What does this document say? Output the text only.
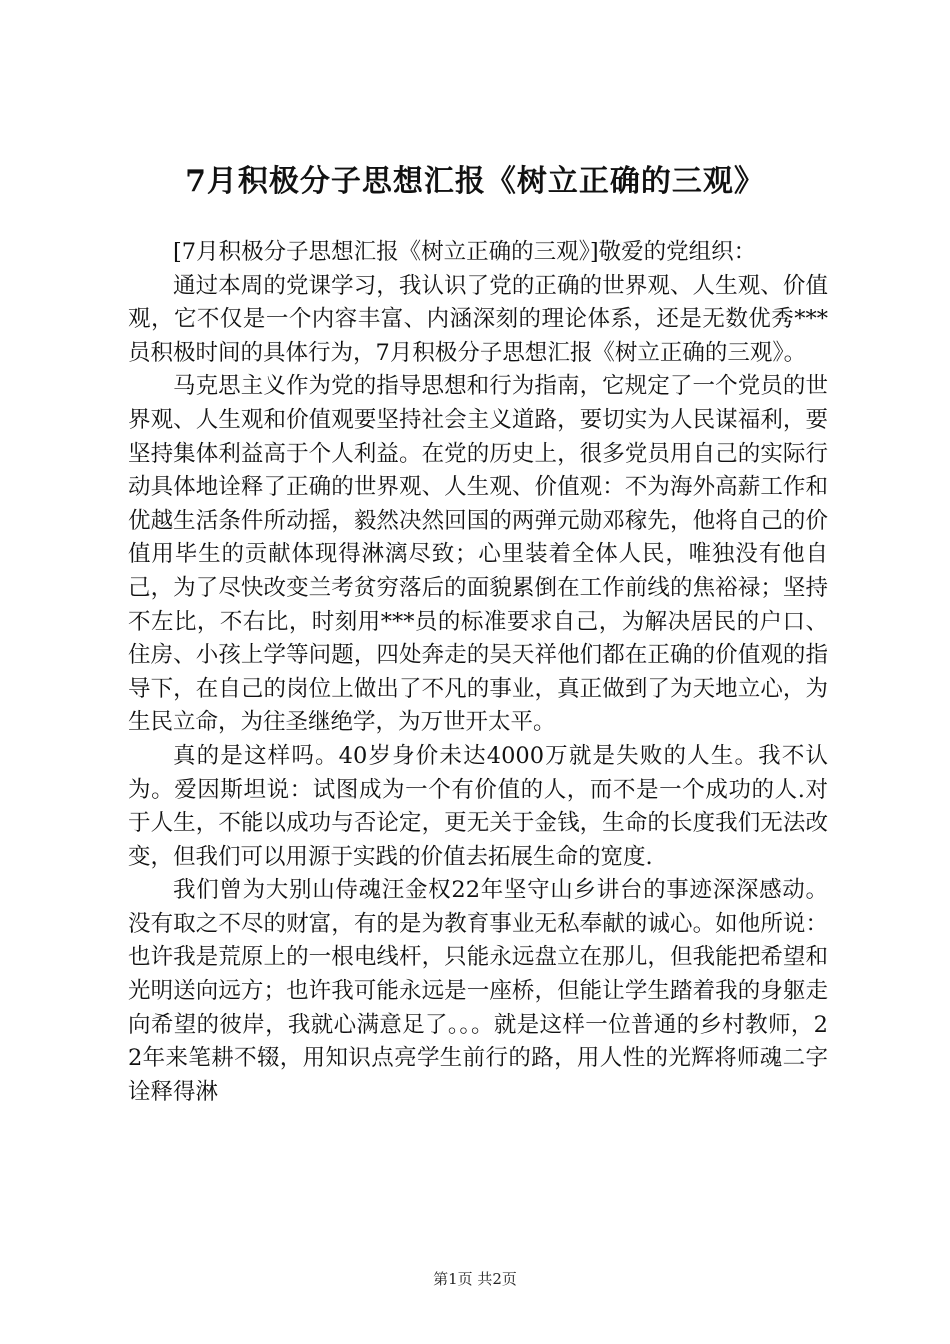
7月积极分子思想汇报《树立正确的三观》

[7月积极分子思想汇报《树立正确的三观》]敬爱的党组织：

通过本周的党课学习，我认识了党的正确的世界观、人生观、价值观，它不仅是一个内容丰富、内涵深刻的理论体系，还是无数优秀***员积极时间的具体行为，7月积极分子思想汇报《树立正确的三观》。

马克思主义作为党的指导思想和行为指南，它规定了一个党员的世界观、人生观和价值观要坚持社会主义道路，要切实为人民谋福利，要坚持集体利益高于个人利益。在党的历史上，很多党员用自己的实际行动具体地诠释了正确的世界观、人生观、价值观：不为海外高薪工作和优越生活条件所动摇，毅然决然回国的两弹元勋邓稼先，他将自己的价值用毕生的贡献体现得淋漓尽致；心里装着全体人民，唯独没有他自己，为了尽快改变兰考贫穷落后的面貌累倒在工作前线的焦裕禄；坚持不左比，不右比，时刻用***员的标准要求自己，为解决居民的户口、住房、小孩上学等问题，四处奔走的吴天祥他们都在正确的价值观的指导下，在自己的岗位上做出了不凡的事业，真正做到了为天地立心，为生民立命，为往圣继绝学，为万世开太平。

真的是这样吗。40岁身价未达4000万就是失败的人生。我不认为。爱因斯坦说：试图成为一个有价值的人，而不是一个成功的人.对于人生，不能以成功与否论定，更无关于金钱，生命的长度我们无法改变，但我们可以用源于实践的价值去拓展生命的宽度.

我们曾为大别山侍魂汪金权22年坚守山乡讲台的事迹深深感动。没有取之不尽的财富，有的是为教育事业无私奉献的诚心。如他所说：也许我是荒原上的一根电线杆，只能永远盘立在那儿，但我能把希望和光明送向远方；也许我可能永远是一座桥，但能让学生踏着我的身躯走向希望的彼岸，我就心满意足了。。。就是这样一位普通的乡村教师，22年来笔耕不辍，用知识点亮学生前行的路，用人性的光辉将师魂二字诠释得淋

第1页 共2页
